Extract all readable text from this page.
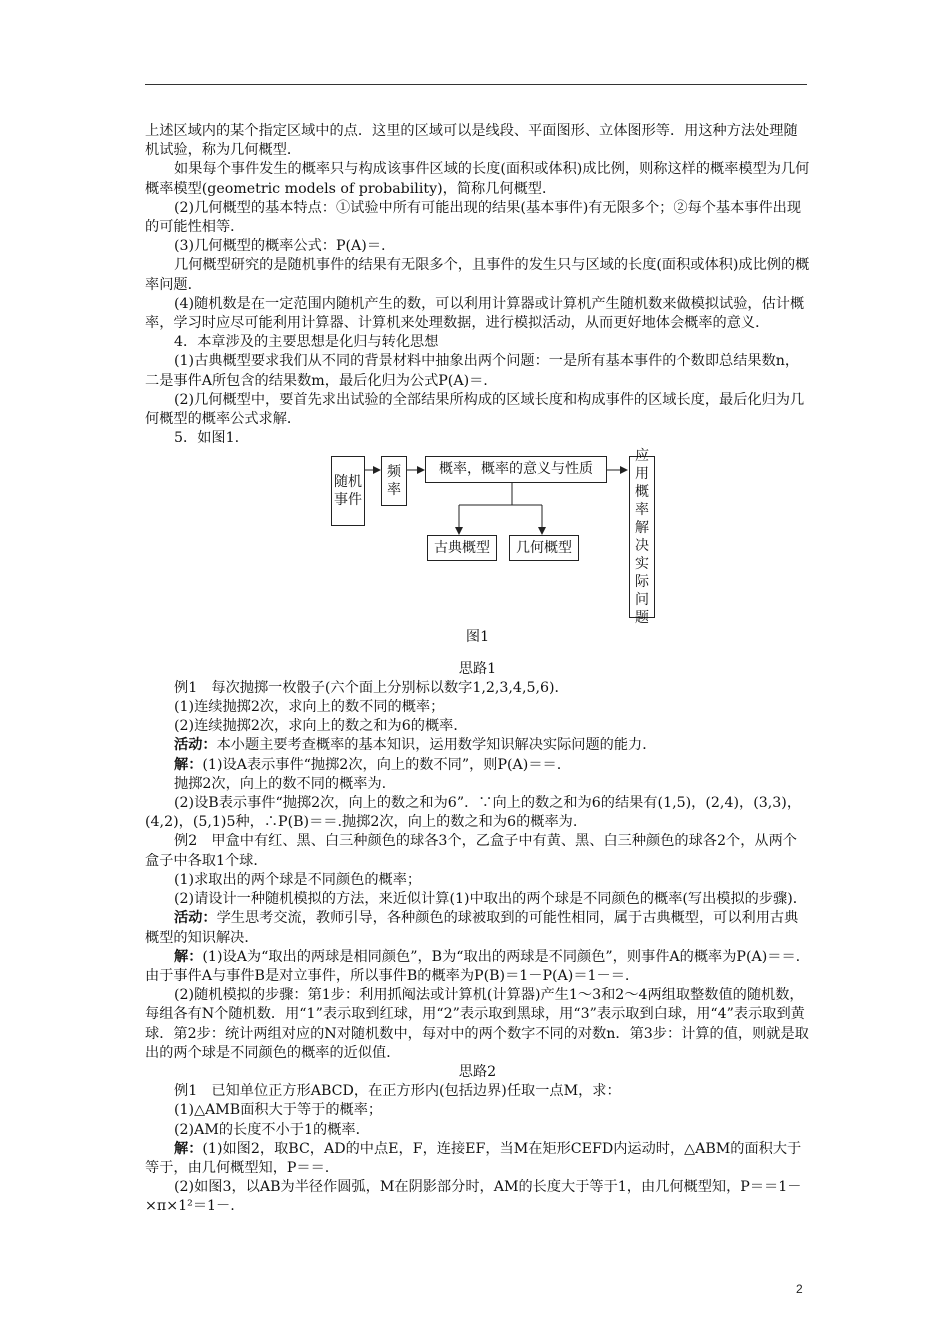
上述区域内的某个指定区域中的点．这里的区域可以是线段、平面图形、立体图形等．用这种方法处理随机试验，称为几何概型．

如果每个事件发生的概率只与构成该事件区域的长度(面积或体积)成比例，则称这样的概率模型为几何概率模型(geometric models of probability)，简称几何概型．

(2)几何概型的基本特点：①试验中所有可能出现的结果(基本事件)有无限多个；②每个基本事件出现的可能性相等．

(3)几何概型的概率公式：P(A)＝.

几何概型研究的是随机事件的结果有无限多个，且事件的发生只与区域的长度(面积或体积)成比例的概率问题．

(4)随机数是在一定范围内随机产生的数，可以利用计算器或计算机产生随机数来做模拟试验，估计概率，学习时应尽可能利用计算器、计算机来处理数据，进行模拟活动，从而更好地体会概率的意义．

4．本章涉及的主要思想是化归与转化思想

(1)古典概型要求我们从不同的背景材料中抽象出两个问题：一是所有基本事件的个数即总结果数n，二是事件A所包含的结果数m，最后化归为公式P(A)＝.

(2)几何概型中，要首先求出试验的全部结果所构成的区域长度和构成事件的区域长度，最后化归为几何概型的概率公式求解．

5．如图1.

随机事件
频率
概率，概率的意义与性质
应用概率解决实际问题
古典概型	几何概型

图1

思路1

例1　每次抛掷一枚骰子(六个面上分别标以数字1,2,3,4,5,6)．

(1)连续抛掷2次，求向上的数不同的概率；

(2)连续抛掷2次，求向上的数之和为6的概率．

活动：本小题主要考查概率的基本知识，运用数学知识解决实际问题的能力．

解：(1)设A表示事件“抛掷2次，向上的数不同”，则P(A)＝＝.

抛掷2次，向上的数不同的概率为.

(2)设B表示事件“抛掷2次，向上的数之和为6”．∵向上的数之和为6的结果有(1,5)，(2,4)，(3,3)，(4,2)，(5,1)5种，∴P(B)＝＝.抛掷2次，向上的数之和为6的概率为.

例2　甲盒中有红、黑、白三种颜色的球各3个，乙盒子中有黄、黑、白三种颜色的球各2个，从两个盒子中各取1个球．

(1)求取出的两个球是不同颜色的概率；

(2)请设计一种随机模拟的方法，来近似计算(1)中取出的两个球是不同颜色的概率(写出模拟的步骤)．

活动：学生思考交流，教师引导，各种颜色的球被取到的可能性相同，属于古典概型，可以利用古典概型的知识解决．

解：(1)设A为“取出的两球是相同颜色”，B为“取出的两球是不同颜色”，则事件A的概率为P(A)＝＝.由于事件A与事件B是对立事件，所以事件B的概率为P(B)＝1－P(A)＝1－＝.

(2)随机模拟的步骤：第1步：利用抓阄法或计算机(计算器)产生1～3和2～4两组取整数值的随机数，每组各有N个随机数．用“1”表示取到红球，用“2”表示取到黑球，用“3”表示取到白球，用“4”表示取到黄球．第2步：统计两组对应的N对随机数中，每对中的两个数字不同的对数n．第3步：计算的值，则就是取出的两个球是不同颜色的概率的近似值．

思路2

例1　已知单位正方形ABCD，在正方形内(包括边界)任取一点M，求：

(1)△AMB面积大于等于的概率；

(2)AM的长度不小于1的概率．

解：(1)如图2，取BC，AD的中点E，F，连接EF，当M在矩形CEFD内运动时，△ABM的面积大于等于，由几何概型知，P＝＝.

(2)如图3，以AB为半径作圆弧，M在阴影部分时，AM的长度大于等于1，由几何概型知，P＝＝1－×π×1²＝1－.

2
